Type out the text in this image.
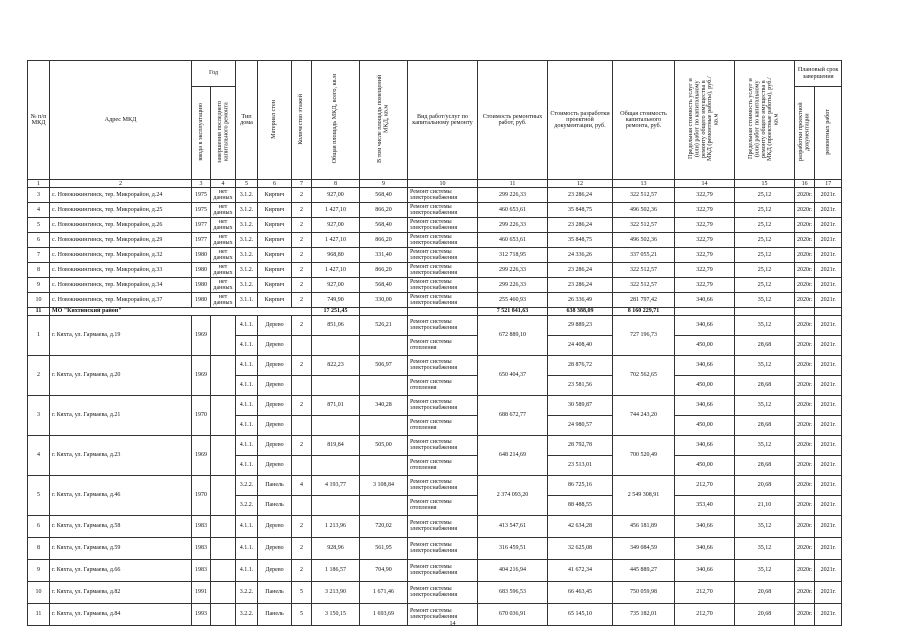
№ п/п МКД	Адрес МКД	Год		Тип дома	Материал стен	Количество этажей	Общая площадь МКД, всего, кв.м	В том числе площадь помещений МКД, кв.м	Вид работ/услуг по капитальному ремонту	Стоимость ремонтных работ, руб.	Стоимость разработки проектной документации, руб.	Общая стоимость капитального ремонта, руб.	Предельная стоимость услуг и (или) работ по капитальному ремонту общего имущества в МКД (ремонтные работы), руб./кв.м	Предельная стоимость услуг и (или) работ по капитальному ремонту общего имущества в МКД (проектные работы), руб./кв.м	Плановый срок завершения	
		ввода в эксплуатацию	завершения последнего капитального ремонта												разработки проектной документации	ремонтных работ
1	2	3	4	5	6	7	8	9	10	11	12	13	14	15	16	17
3	с. Новокижингинск, тер. Микрорайон, д.24	1975	нет данных	3.1.2.	Кирпич	2	927,00	568,40	Ремонт системы электроснабжения	299 226,33	23 286,24	322 512,57	322,79	25,12	2020г.	2021г.
4	с. Новокижингинск, тер. Микрорайон, д.25	1975	нет данных	3.1.2.	Кирпич	2	1 427,10	866,20	Ремонт системы электроснабжения	460 653,61	35 848,75	496 502,36	322,79	25,12	2020г.	2021г.
5	с. Новокижингинск, тер. Микрорайон, д.26	1977	нет данных	3.1.2.	Кирпич	2	927,00	568,40	Ремонт системы электроснабжения	299 226,33	23 286,24	322 512,57	322,79	25,12	2020г.	2021г.
6	с. Новокижингинск, тер. Микрорайон, д.29	1977	нет данных	3.1.2.	Кирпич	2	1 427,10	866,20	Ремонт системы электроснабжения	460 653,61	35 848,75	496 502,36	322,79	25,12	2020г.	2021г.
7	с. Новокижингинск, тер. Микрорайон, д.32	1980	нет данных	3.1.2.	Кирпич	2	968,80	331,40	Ремонт системы электроснабжения	312 718,95	24 336,26	337 055,21	322,79	25,12	2020г.	2021г.
8	с. Новокижингинск, тер. Микрорайон, д.33	1980	нет данных	3.1.2.	Кирпич	2	1 427,10	866,20	Ремонт системы электроснабжения	299 226,33	23 286,24	322 512,57	322,79	25,12	2020г.	2021г.
9	с. Новокижингинск, тер. Микрорайон, д.34	1980	нет данных	3.1.2.	Кирпич	2	927,00	568,40	Ремонт системы электроснабжения	299 226,33	23 286,24	322 512,57	322,79	25,12	2020г.	2021г.
10	с. Новокижингинск, тер. Микрорайон, д.37	1980	нет данных	3.1.1.	Кирпич	2	749,90	330,00	Ремонт системы электроснабжения	255 460,93	26 336,49	281 797,42	340,66	35,12	2020г.	2021г.
11	МО "Кяхтинский район"						17 251,45			7 521 841,63	638 388,09	8 160 229,71				
1	г. Кяхта, ул. Гармаева, д.19	1969		4.1.1.	Дерево	2	851,06	526,21	Ремонт системы электроснабжения	672 889,10	29 889,23	727 196,73	340,66	35,12	2020г.	2021г.
				4.1.1.	Дерево				Ремонт системы отопления		24 408,40		450,00	28,68	2020г.	2021г.
2	г. Кяхта, ул. Гармаева, д.20	1969		4.1.1.	Дерево	2	822,23	506,97	Ремонт системы электроснабжения	650 404,37	28 876,72	702 562,65	340,66	35,12	2020г.	2021г.
				4.1.1.	Дерево				Ремонт системы отопления		23 581,56		450,00	28,68	2020г.	2021г.
3	г. Кяхта, ул. Гармаева, д.21	1970		4.1.1.	Дерево	2	871,01	340,28	Ремонт системы электроснабжения	688 672,77	30 589,87	744 243,20	340,66	35,12	2020г.	2021г.
				4.1.1.	Дерево				Ремонт системы отопления		24 980,57		450,00	28,68	2020г.	2021г.
4	г. Кяхта, ул. Гармаева, д.23	1969		4.1.1.	Дерево	2	819,84	505,00	Ремонт системы электроснабжения	648 214,69	28 792,78	700 520,49	340,66	35,12	2020г.	2021г.
				4.1.1.	Дерево				Ремонт системы отопления		23 513,01		450,00	28,68	2020г.	2021г.
5	г. Кяхта, ул. Гармаева, д.46	1970		3.2.2.	Панель	4	4 193,77	3 108,84	Ремонт системы электроснабжения	2 374 093,20	86 725,16	2 549 308,91	212,70	20,68	2020г.	2021г.
				3.2.2.	Панель				Ремонт системы отопления		88 488,55		353,40	21,10	2020г.	2021г.
6	г. Кяхта, ул. Гармаева, д.58	1983		4.1.1.	Дерево	2	1 213,96	720,02	Ремонт системы электроснабжения	413 547,61	42 634,28	456 181,89	340,66	35,12	2020г.	2021г.
8	г. Кяхта, ул. Гармаева, д.59	1983		4.1.1.	Дерево	2	928,96	561,95	Ремонт системы электроснабжения	316 459,51	32 625,08	349 084,59	340,66	35,12	2020г.	2021г.
9	г. Кяхта, ул. Гармаева, д.66	1983		4.1.1.	Дерево	2	1 186,57	704,90	Ремонт системы электроснабжения	404 216,94	41 672,34	445 889,27	340,66	35,12	2020г.	2021г.
10	г. Кяхта, ул. Гармаева, д.82	1991		3.2.2.	Панель	5	3 213,90	1 671,46	Ремонт системы электроснабжения	683 596,53	66 463,45	750 059,98	212,70	20,68	2020г.	2021г.
11	г. Кяхта, ул. Гармаева, д.84	1993		3.2.2.	Панель	5	3 150,15	1 693,69	Ремонт системы электроснабжения	670 036,91	65 145,10	735 182,01	212,70	20,68	2020г.	2021г.
14
